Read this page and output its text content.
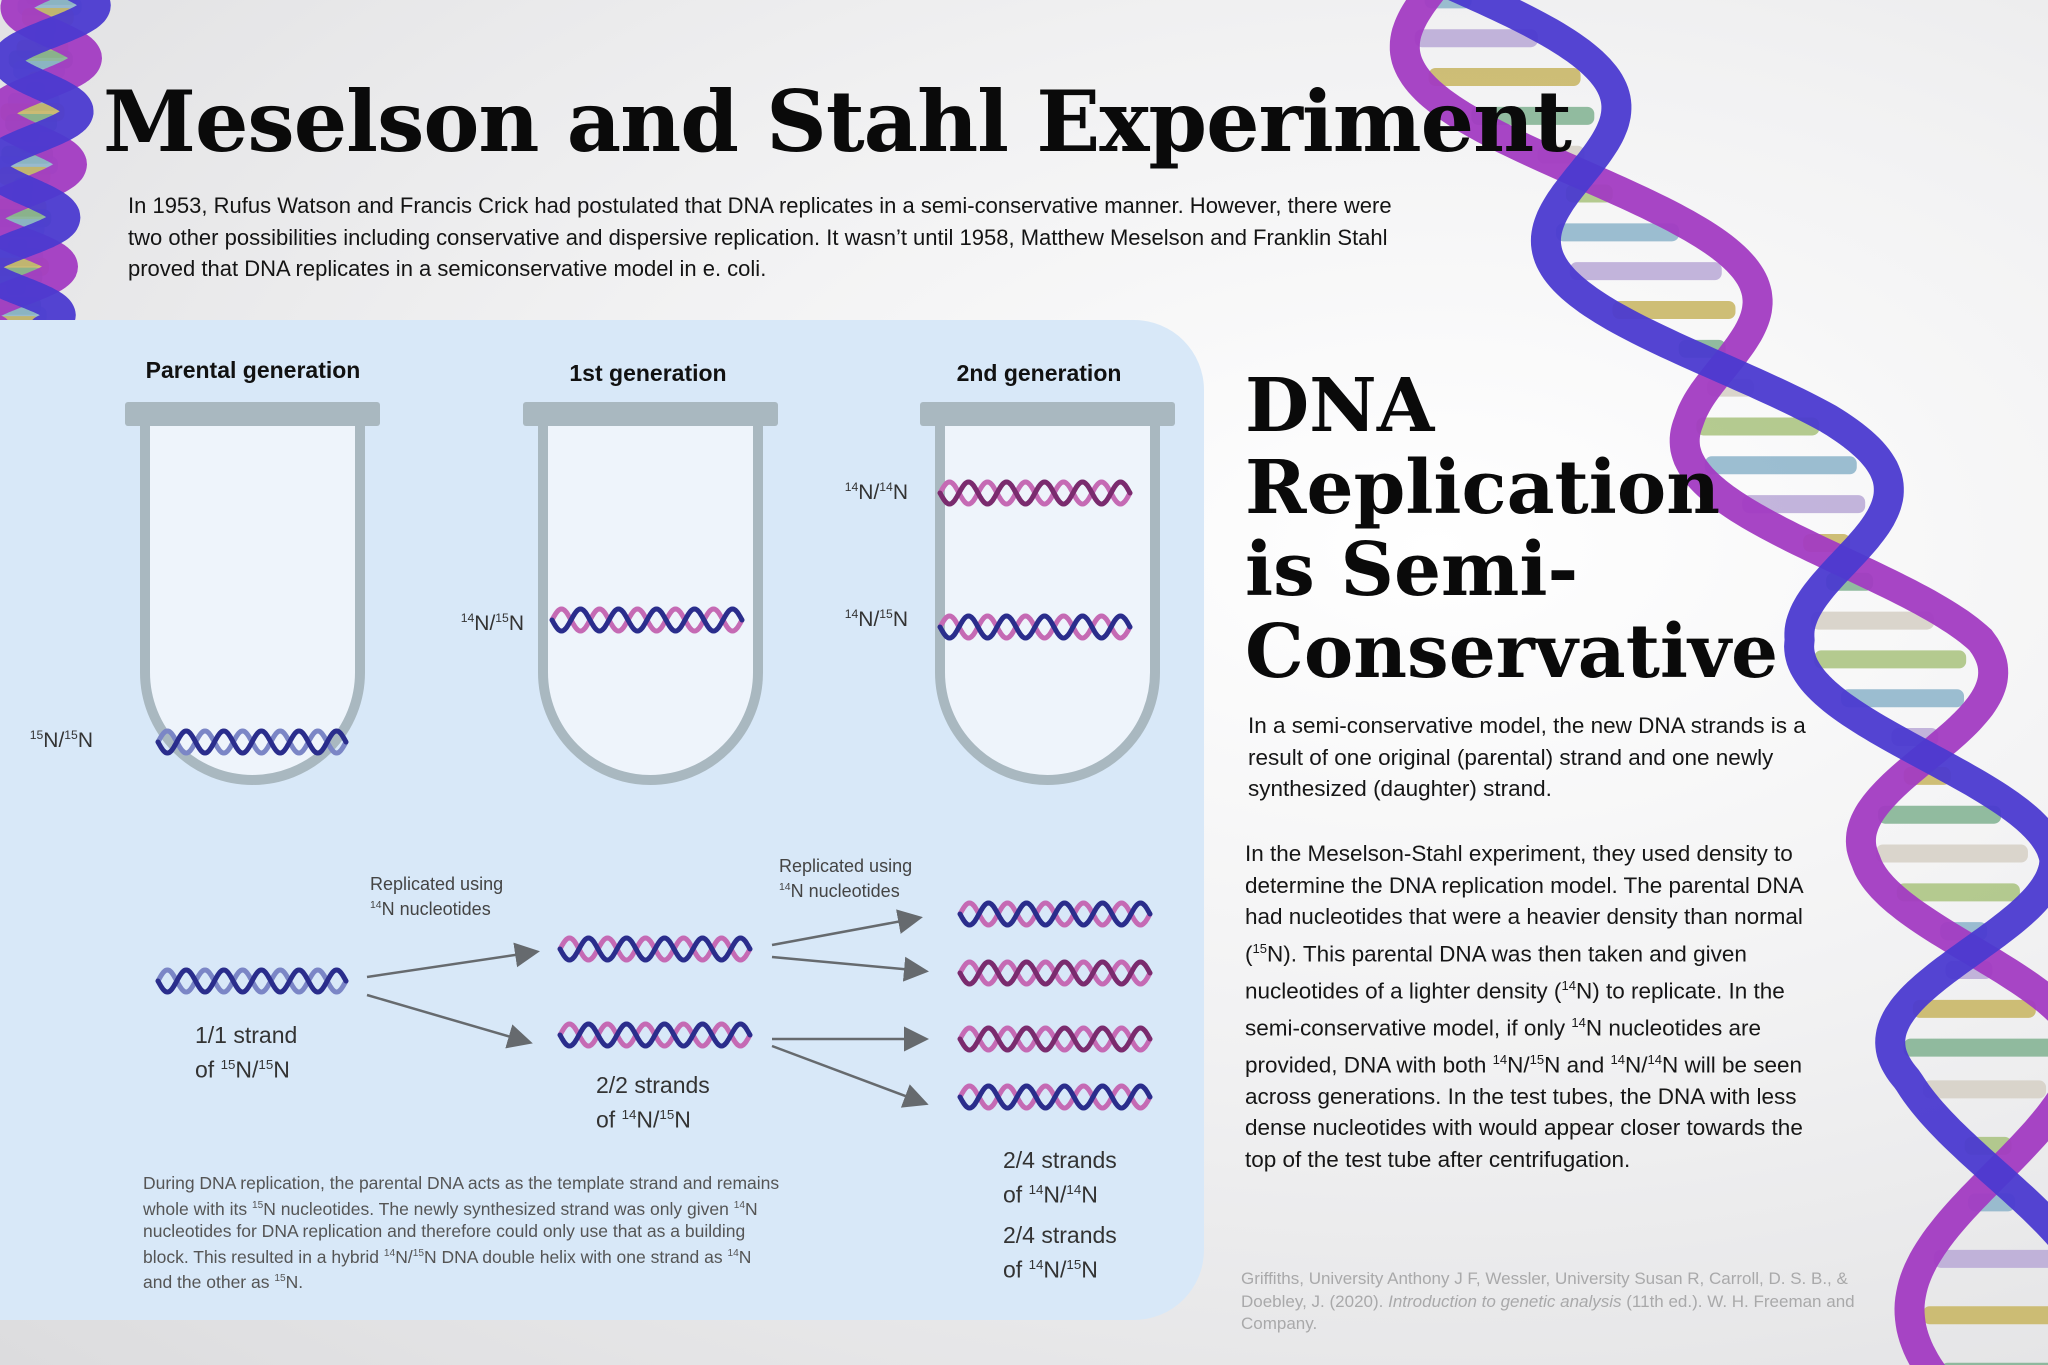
Meselson and Stahl Experiment

In 1953, Rufus Watson and Francis Crick had postulated that DNA replicates in a semi-conservative manner. However, there were two other possibilities including conservative and dispersive replication. It wasn’t until 1958, Matthew Meselson and Franklin Stahl proved that DNA replicates in a semiconservative model in e. coli.

Parental generation	1st generation	2nd generation
$^{15}$N/$^{15}$N
$^{14}$N/$^{15}$N
$^{14}$N/$^{14}$N
$^{14}$N/$^{15}$N
Replicated using
$^{14}$N nucleotides
Replicated using
$^{14}$N nucleotides
1/1 strand
of $^{15}$N/$^{15}$N
2/2 strands
of $^{14}$N/$^{15}$N
2/4 strands
of $^{14}$N/$^{14}$N
2/4 strands
of $^{14}$N/$^{15}$N

During DNA replication, the parental DNA acts as the template strand and remains whole with its $^{15}$N nucleotides. The newly synthesized strand was only given $^{14}$N nucleotides for DNA replication and therefore could only use that as a building block. This resulted in a hybrid $^{14}$N/$^{15}$N DNA double helix with one strand as $^{14}$N and the other as $^{15}$N.

DNA
Replication
is Semi-
Conservative

In a semi-conservative model, the new DNA strands is a result of one original (parental) strand and one newly synthesized (daughter) strand.

In the Meselson-Stahl experiment, they used density to determine the DNA replication model. The parental DNA had nucleotides that were a heavier density than normal ($^{15}$N). This parental DNA was then taken and given nucleotides of a lighter density ($^{14}$N) to replicate. In the semi-conservative model, if only $^{14}$N nucleotides are provided, DNA with both $^{14}$N/$^{15}$N and $^{14}$N/$^{14}$N will be seen across generations. In the test tubes, the DNA with less dense nucleotides with would appear closer towards the top of the test tube after centrifugation.

Griffiths, University Anthony J F, Wessler, University Susan R, Carroll, D. S. B., & Doebley, J. (2020). Introduction to genetic analysis (11th ed.). W. H. Freeman and Company.
